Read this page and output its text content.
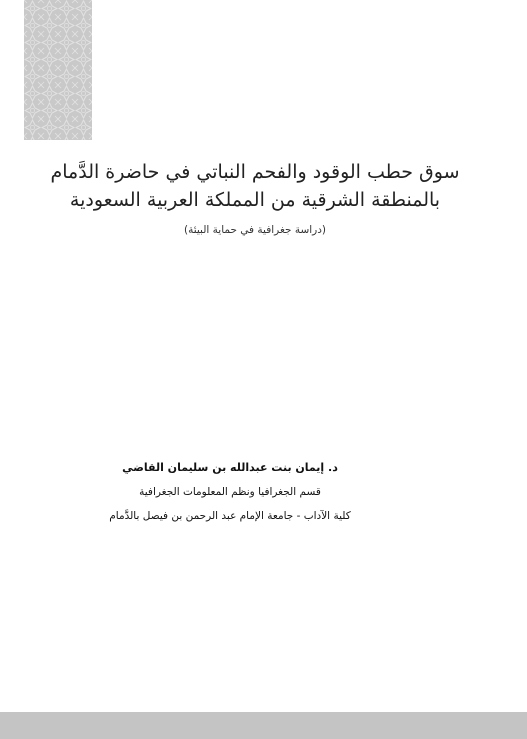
سوق حطب الوقود والفحم النباتي في حاضرة الدَّمام
بالمنطقة الشرقية من المملكة العربية السعودية
(دراسة جغرافية في حماية البيئة)
د. إيمان بنت عبدالله بن سليمان القاضي
قسم الجغرافيا ونظم المعلومات الجغرافية
كلية الآداب - جامعة الإمام عبد الرحمن بن فيصل بالدَّمام
